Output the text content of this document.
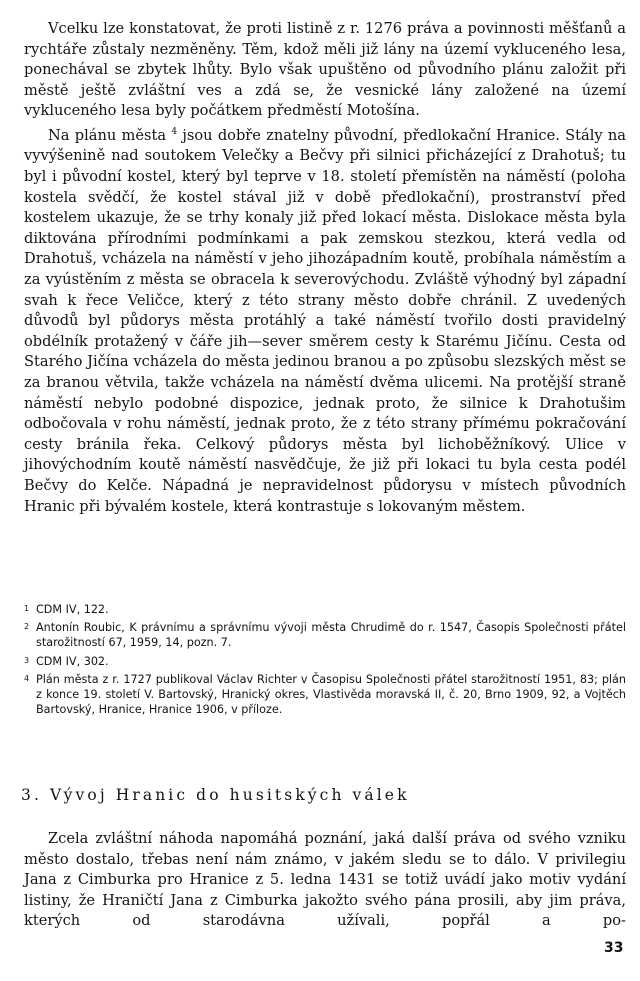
Vcelku lze konstatovat, že proti listině z r. 1276 práva a povinnosti měšťanů a rychtáře zůstaly nezměněny. Těm, kdož měli již lány na území vykluceného lesa, ponechával se zbytek lhůty. Bylo však upuštěno od původního plánu založit při městě ještě zvláštní ves a zdá se, že vesnické lány založené na území vykluceného lesa byly počátkem předměstí Motošína.

Na plánu města $^4$ jsou dobře znatelny původní, předlokační Hranice. Stály na vyvýšenině nad soutokem Velečky a Bečvy při silnici přicházející z Drahotuš; tu byl i původní kostel, který byl teprve v 18. století přemístěn na náměstí (poloha kostela svědčí, že kostel stával již v době předlokační), prostranství před kostelem ukazuje, že se trhy konaly již před lokací města. Dislokace města byla diktována přírodními podmínkami a pak zemskou stezkou, která vedla od Drahotuš, vcházela na náměstí v jeho jihozápadním koutě, probíhala náměstím a za vyústěním z města se obracela k severovýchodu. Zvláště výhodný byl západní svah k řece Veličce, který z této strany město dobře chránil. Z uvedených důvodů byl půdorys města protáhlý a také náměstí tvořilo dosti pravidelný obdélník protažený v čáře jih—sever směrem cesty k Starému Jičínu. Cesta od Starého Jičína vcházela do města jedinou branou a po způsobu slezských měst se za branou větvila, takže vcházela na náměstí dvěma ulicemi. Na protější straně náměstí nebylo podobné dispozice, jednak proto, že silnice k Drahotušim odbočovala v rohu náměstí, jednak proto, že z této strany přímému pokračování cesty bránila řeka. Celkový půdorys města byl lichoběžníkový. Ulice v jihovýchodním koutě náměstí nasvědčuje, že již při lokaci tu byla cesta podél Bečvy do Kelče. Nápadná je nepravidelnost půdorysu v místech původních Hranic při bývalém kostele, která kontrastuje s lokovaným městem.

1 CDM IV, 122.

2 Antonín Roubic, K právnímu a správnímu vývoji města Chrudimě do r. 1547, Časopis Společnosti přátel starožitností 67, 1959, 14, pozn. 7.

3 CDM IV, 302.

4 Plán města z r. 1727 publikoval Václav Richter v Časopisu Společnosti přátel starožitností 1951, 83; plán z konce 19. století V. Bartovský, Hranický okres, Vlastivěda moravská II, č. 20, Brno 1909, 92, a Vojtěch Bartovský, Hranice, Hranice 1906, v příloze.

3. Vývoj Hranic do husitských válek

Zcela zvláštní náhoda napomáhá poznání, jaká další práva od svého vzniku město dostalo, třebas není nám známo, v jakém sledu se to dálo. V privilegiu Jana z Cimburka pro Hranice z 5. ledna 1431 se totiž uvádí jako motiv vydání listiny, že Hraničtí Jana z Cimburka jakožto svého pána prosili, aby jim práva, kterých od starodávna užívali, popřál a po-

33
